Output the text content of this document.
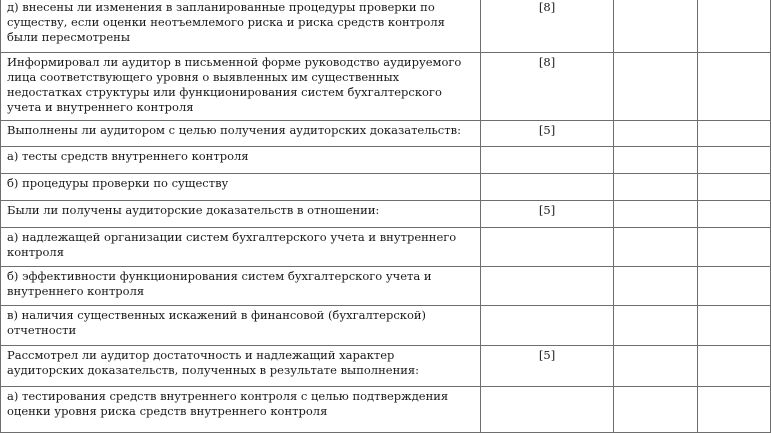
д) внесены ли изменения в запланированные процедуры проверки по существу, если оценки неотъемлемого риска и риска средств контроля были пересмотрены	[8]		

Информировал ли аудитор в письменной форме руководство аудируемого лица соответствующего уровня о выявленных им существенных недостатках структуры или функционирования систем бухгалтерского учета и внутреннего контроля	[8]		

Выполнены ли аудитором с целью получения аудиторских доказательств:	[5]		

а) тесты средств внутреннего контроля			

б) процедуры проверки по существу			

Были ли получены аудиторские доказательств в отношении:	[5]		

а) надлежащей организации систем бухгалтерского учета и внутреннего контроля			

б) эффективности функционирования систем бухгалтерского учета и внутреннего контроля			

в) наличия существенных искажений в финансовой (бухгалтерской) отчетности			

Рассмотрел ли аудитор достаточность и надлежащий характер аудиторских доказательств, полученных в результате выполнения:	[5]		

а) тестирования средств внутреннего контроля с целью подтверждения оценки уровня риска средств внутреннего контроля			
